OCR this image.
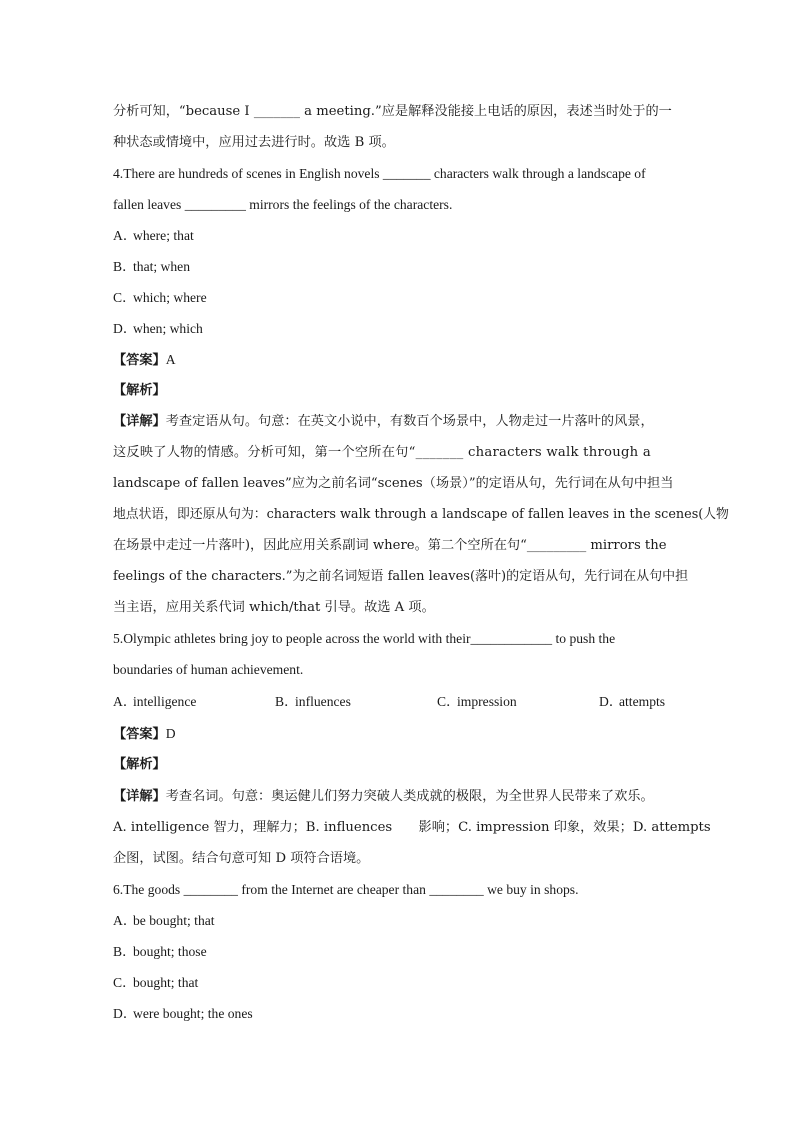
分析可知，“because I _______ a meeting.”应是解释没能接上电话的原因，表述当时处于的一
种状态或情境中，应用过去进行时。故选 B 项。
4.There are hundreds of scenes in English novels _______ characters walk through a landscape of
fallen leaves _________ mirrors the feelings of the characters.
A．where; that
B．that; when
C．which; where
D．when; which
【答案】A
【解析】
【详解】考查定语从句。句意：在英文小说中，有数百个场景中，人物走过一片落叶的风景，
这反映了人物的情感。分析可知，第一个空所在句“_______ characters walk through a
landscape of fallen leaves”应为之前名词“scenes（场景）”的定语从句，先行词在从句中担当
地点状语，即还原从句为：characters walk through a landscape of fallen leaves in the scenes(人物
在场景中走过一片落叶)，因此应用关系副词 where。第二个空所在句“_________ mirrors the
feelings of the characters.”为之前名词短语 fallen leaves(落叶)的定语从句，先行词在从句中担
当主语，应用关系代词 which/that 引导。故选 A 项。
5.Olympic athletes bring joy to people across the world with their____________ to push the
boundaries of human achievement.
A．intelligence	B．influences	C．impression	D．attempts
【答案】D
【解析】
【详解】考查名词。句意：奥运健儿们努力突破人类成就的极限，为全世界人民带来了欢乐。
A. intelligence 智力，理解力；B. influences　　影响；C. impression 印象，效果；D. attempts
企图，试图。结合句意可知 D 项符合语境。
6.The goods ________ from the Internet are cheaper than ________ we buy in shops.
A．be bought; that
B．bought; those
C．bought; that
D．were bought; the ones
